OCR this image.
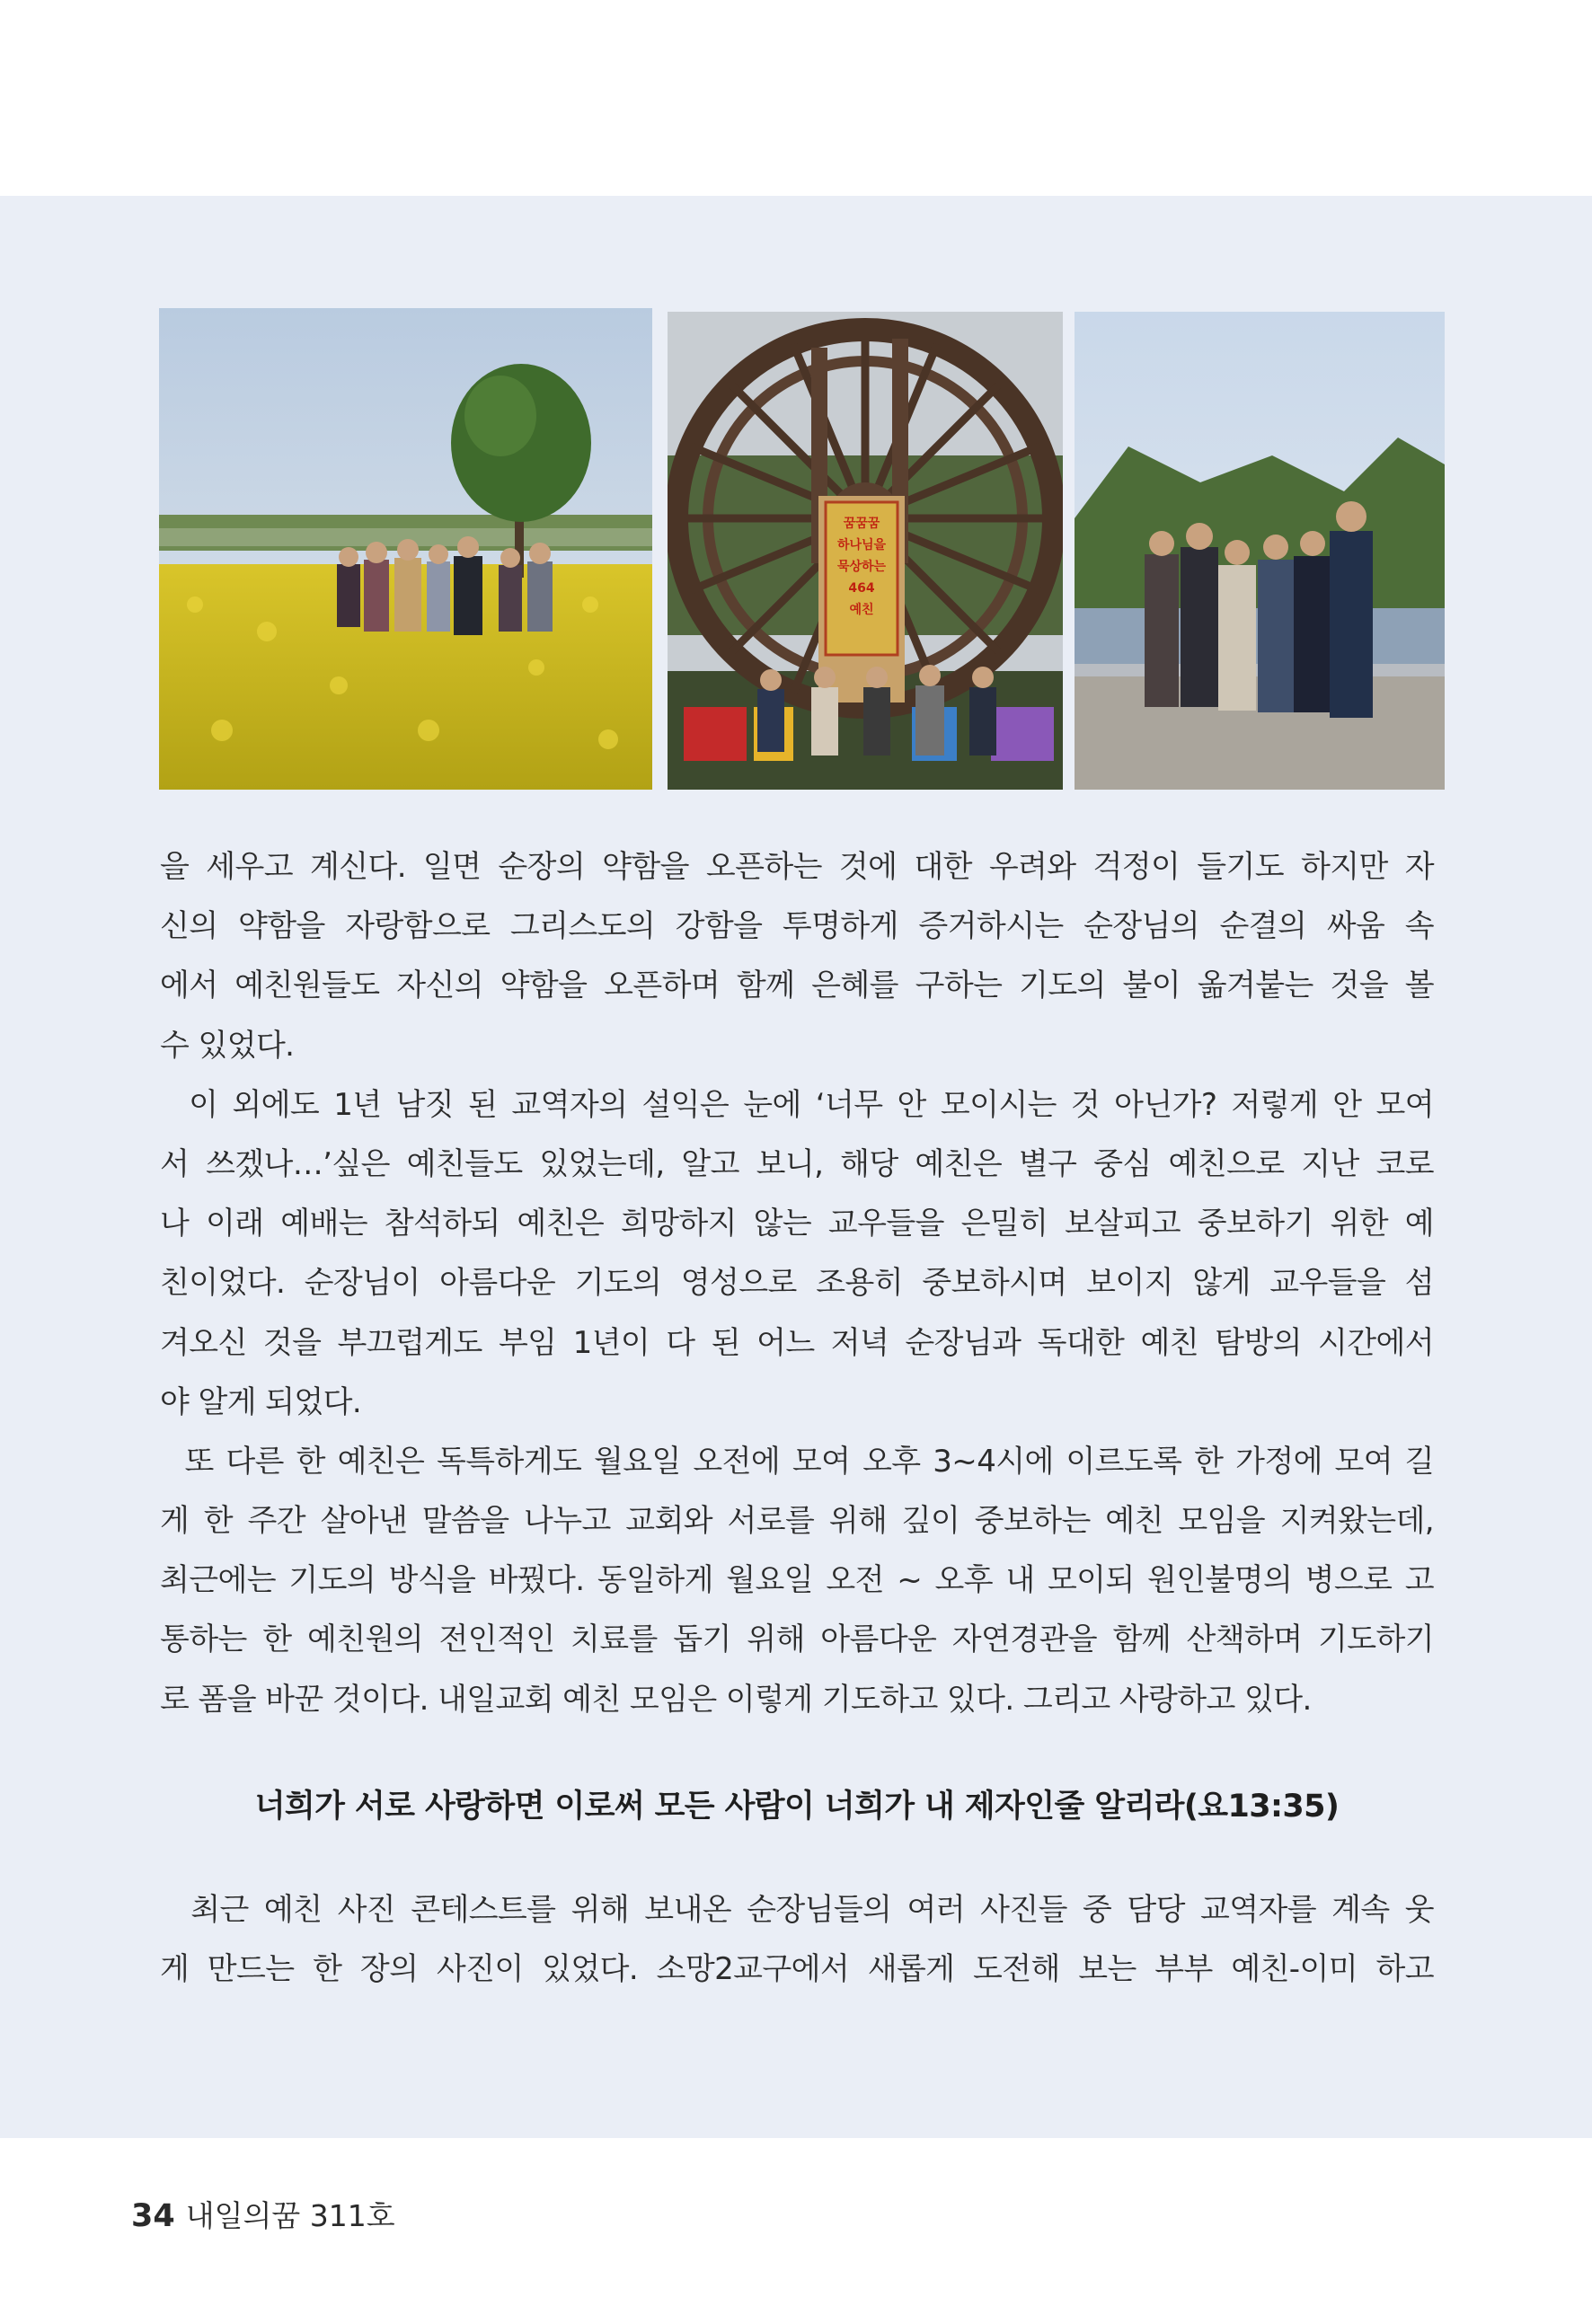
꿈꿈꿈
하나님을
묵상하는
464
예친
을 세우고 계신다. 일면 순장의 약함을 오픈하는 것에 대한 우려와 걱정이 들기도 하지만 자
신의 약함을 자랑함으로 그리스도의 강함을 투명하게 증거하시는 순장님의 순결의 싸움 속
에서 예친원들도 자신의 약함을 오픈하며 함께 은혜를 구하는 기도의 불이 옮겨붙는 것을 볼
수 있었다.
이 외에도 1년 남짓 된 교역자의 설익은 눈에 ‘너무 안 모이시는 것 아닌가? 저렇게 안 모여
서 쓰겠나…’싶은 예친들도 있었는데, 알고 보니, 해당 예친은 별구 중심 예친으로 지난 코로
나 이래 예배는 참석하되 예친은 희망하지 않는 교우들을 은밀히 보살피고 중보하기 위한 예
친이었다. 순장님이 아름다운 기도의 영성으로 조용히 중보하시며 보이지 않게 교우들을 섬
겨오신 것을 부끄럽게도 부임 1년이 다 된 어느 저녁 순장님과 독대한 예친 탐방의 시간에서
야 알게 되었다.
또 다른 한 예친은 독특하게도 월요일 오전에 모여 오후 3~4시에 이르도록 한 가정에 모여 길
게 한 주간 살아낸 말씀을 나누고 교회와 서로를 위해 깊이 중보하는 예친 모임을 지켜왔는데,
최근에는 기도의 방식을 바꿨다. 동일하게 월요일 오전 ~ 오후 내 모이되 원인불명의 병으로 고
통하는 한 예친원의 전인적인 치료를 돕기 위해 아름다운 자연경관을 함께 산책하며 기도하기
로 폼을 바꾼 것이다. 내일교회 예친 모임은 이렇게 기도하고 있다. 그리고 사랑하고 있다.
너희가 서로 사랑하면 이로써 모든 사람이 너희가 내 제자인줄 알리라(요13:35)
최근 예친 사진 콘테스트를 위해 보내온 순장님들의 여러 사진들 중 담당 교역자를 계속 웃
게 만드는 한 장의 사진이 있었다. 소망2교구에서 새롭게 도전해 보는 부부 예친-이미 하고
34 내일의꿈 311호
